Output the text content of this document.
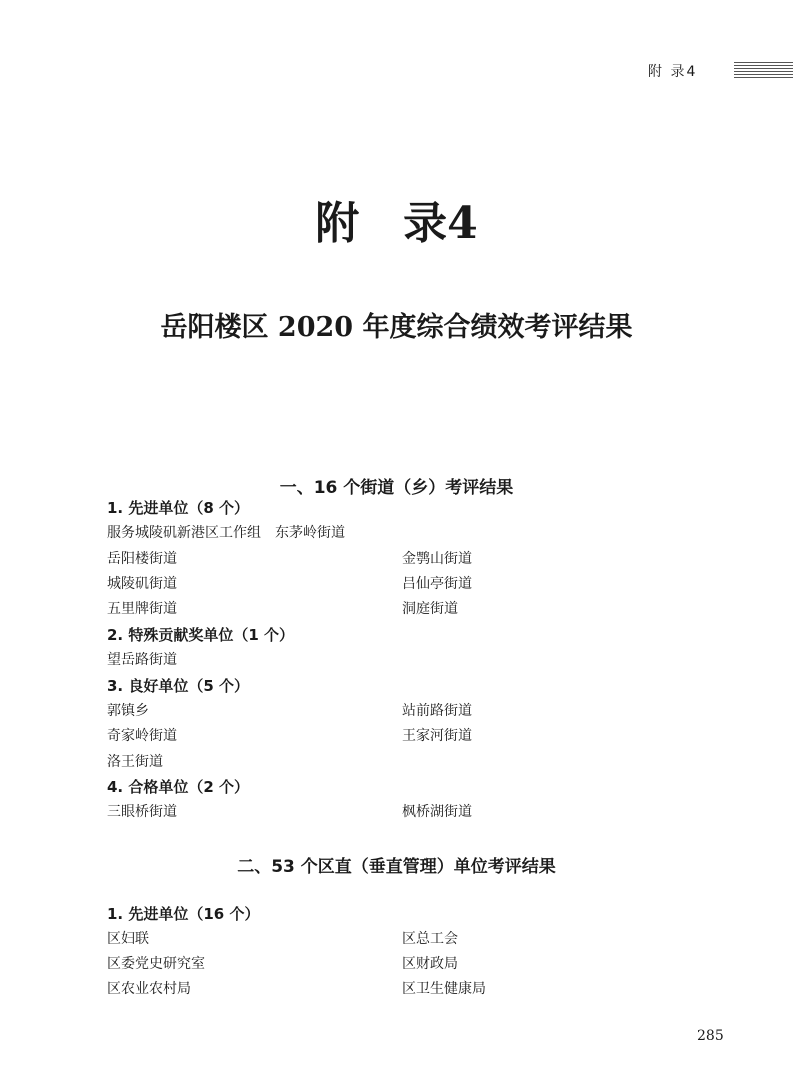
附 录4
附　录4
岳阳楼区 2020 年度综合绩效考评结果
一、16 个街道（乡）考评结果
1. 先进单位（8 个）
服务城陵矶新港区工作组　东茅岭街道
岳阳楼街道	金鹗山街道
城陵矶街道	吕仙亭街道
五里牌街道	洞庭街道
2. 特殊贡献奖单位（1 个）
望岳路街道
3. 良好单位（5 个）
郭镇乡	站前路街道
奇家岭街道	王家河街道
洛王街道
4. 合格单位（2 个）
三眼桥街道	枫桥湖街道
二、53 个区直（垂直管理）单位考评结果
1. 先进单位（16 个）
区妇联	区总工会
区委党史研究室	区财政局
区农业农村局	区卫生健康局
285
